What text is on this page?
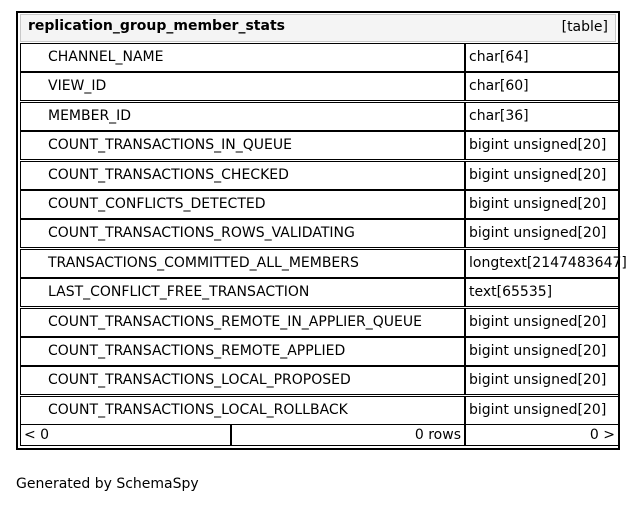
replication_group_member_stats	[table]
CHANNEL_NAME	char[64]
VIEW_ID	char[60]
MEMBER_ID	char[36]
COUNT_TRANSACTIONS_IN_QUEUE	bigint unsigned[20]
COUNT_TRANSACTIONS_CHECKED	bigint unsigned[20]
COUNT_CONFLICTS_DETECTED	bigint unsigned[20]
COUNT_TRANSACTIONS_ROWS_VALIDATING	bigint unsigned[20]
TRANSACTIONS_COMMITTED_ALL_MEMBERS	longtext[2147483647]
LAST_CONFLICT_FREE_TRANSACTION	text[65535]
COUNT_TRANSACTIONS_REMOTE_IN_APPLIER_QUEUE	bigint unsigned[20]
COUNT_TRANSACTIONS_REMOTE_APPLIED	bigint unsigned[20]
COUNT_TRANSACTIONS_LOCAL_PROPOSED	bigint unsigned[20]
COUNT_TRANSACTIONS_LOCAL_ROLLBACK	bigint unsigned[20]
< 0	0 rows	0 >
Generated by SchemaSpy
